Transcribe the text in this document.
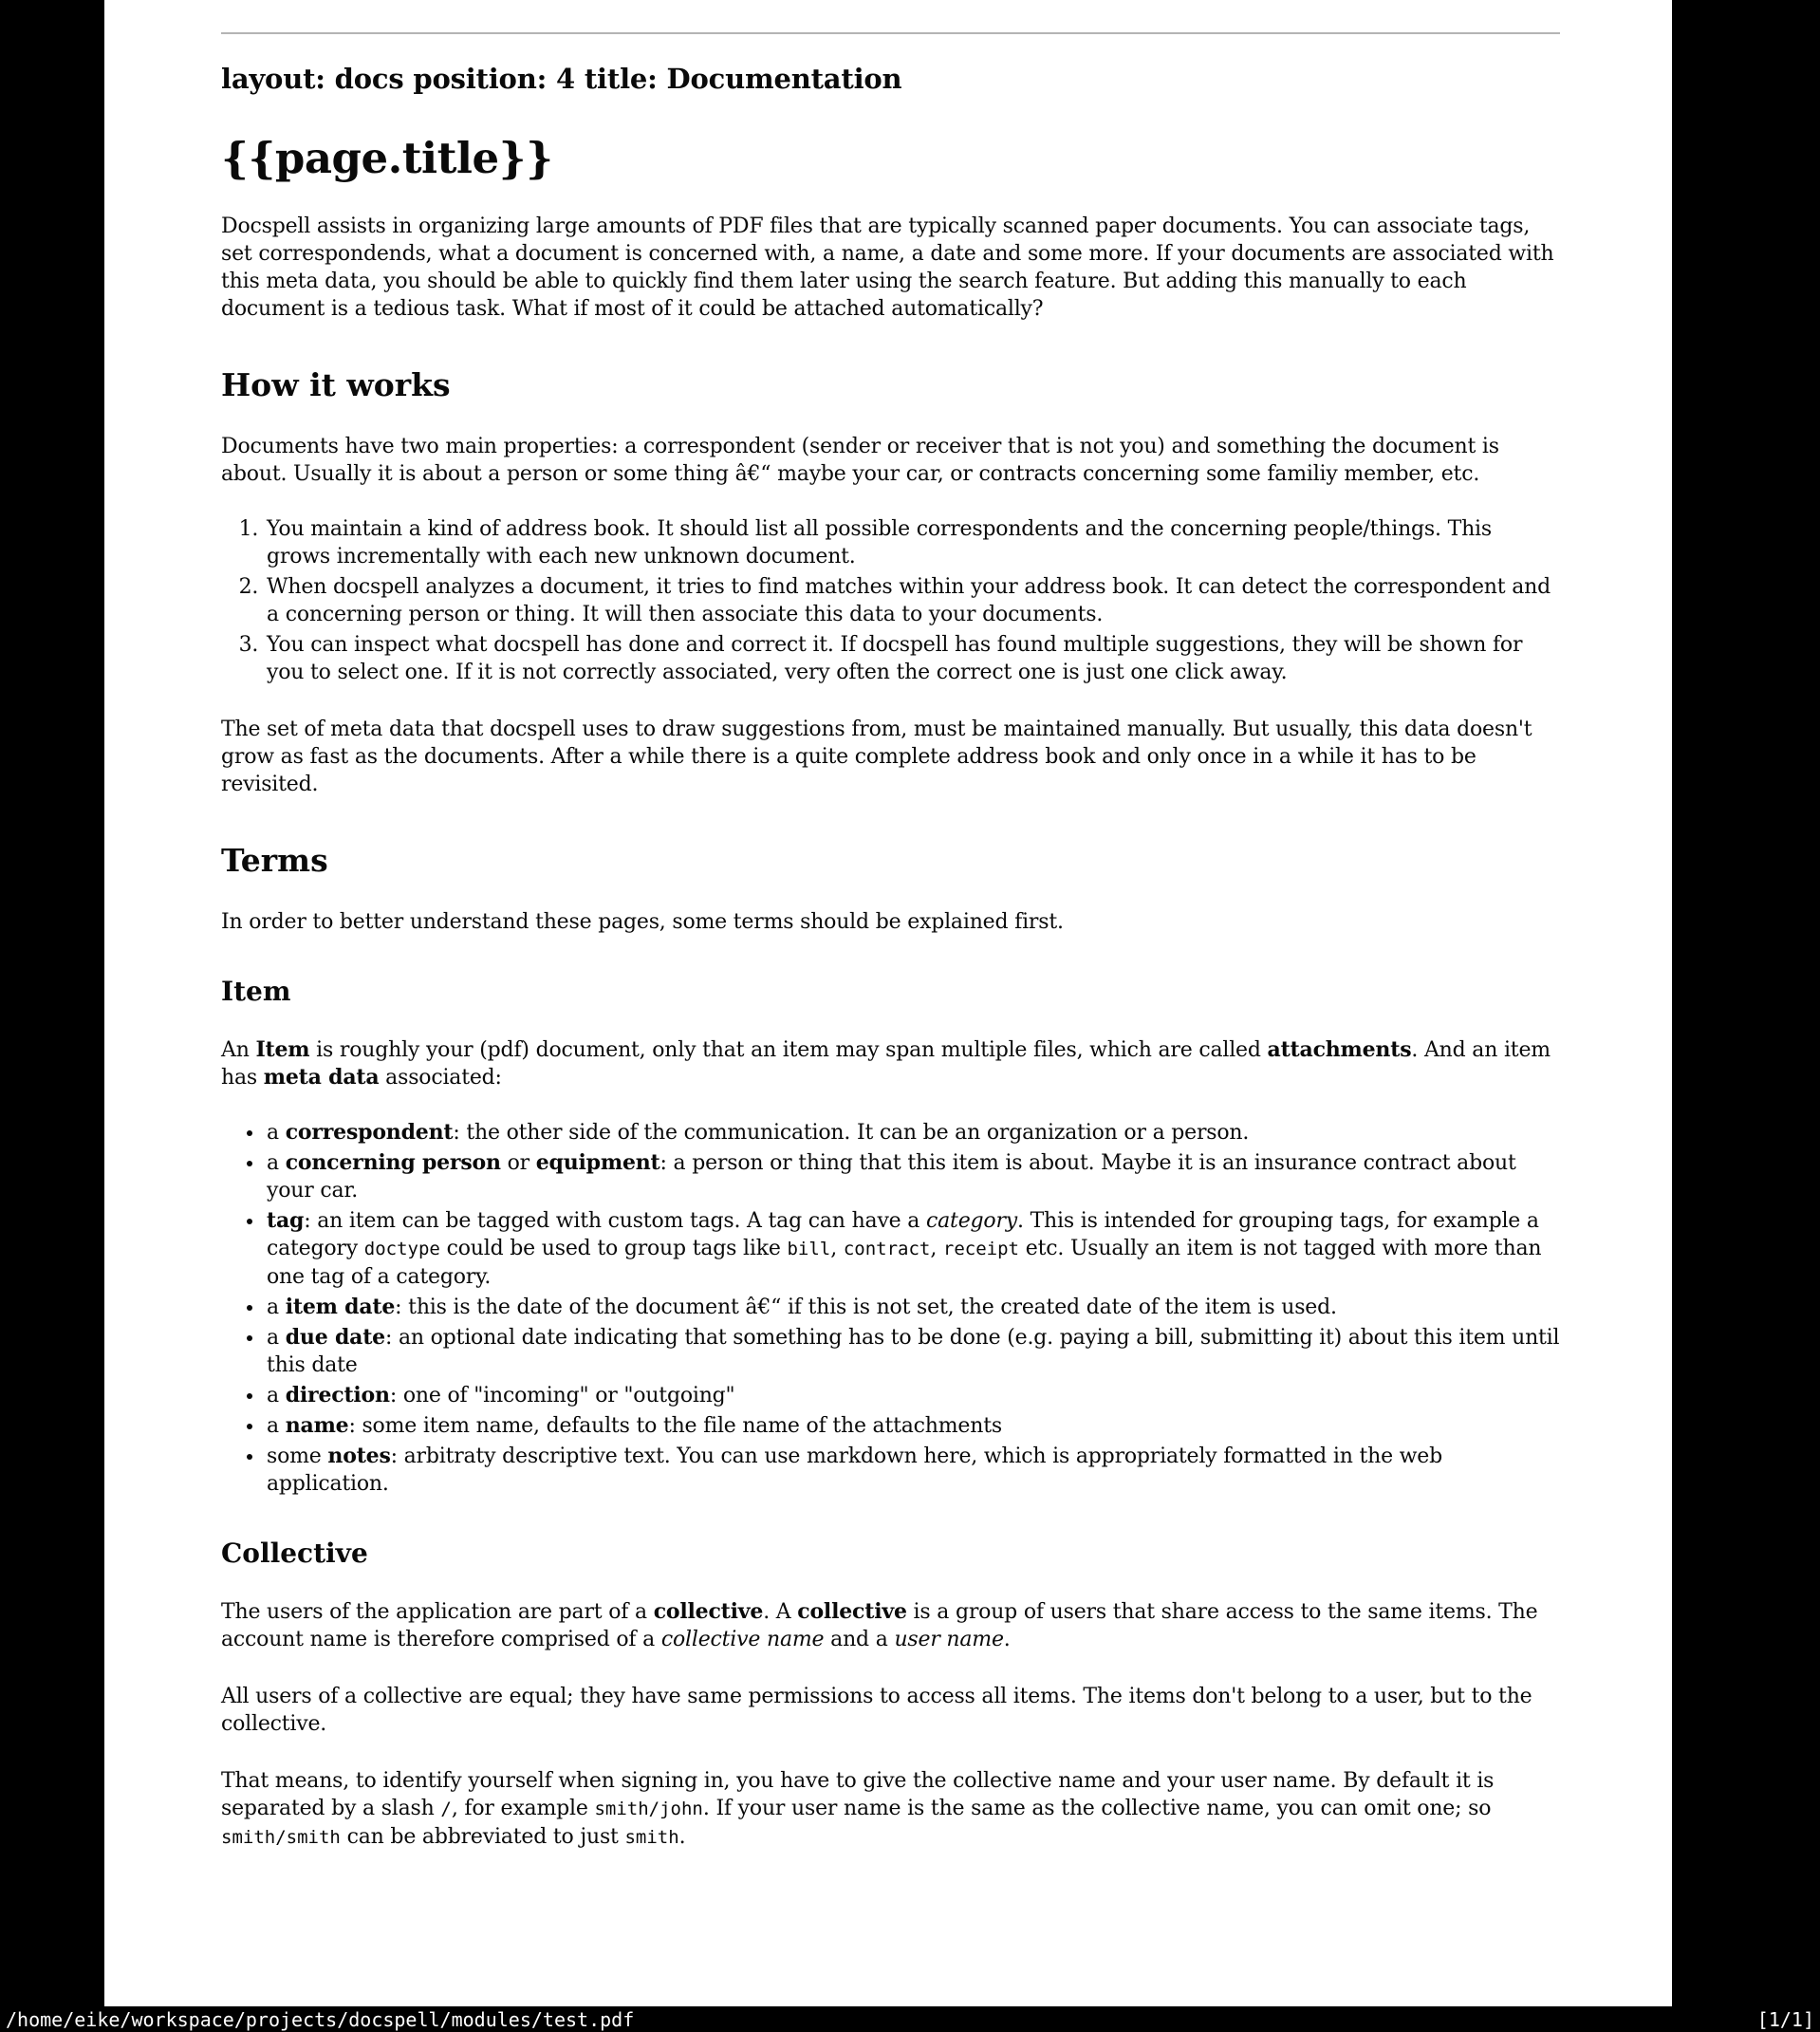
layout: docs position: 4 title: Documentation
{{page.title}}

Docspell assists in organizing large amounts of PDF files that are typically scanned paper documents. You can associate tags, set correspondends, what a document is concerned with, a name, a date and some more. If your documents are associated with this meta data, you should be able to quickly find them later using the search feature. But adding this manually to each document is a tedious task. What if most of it could be attached automatically?

How it works

Documents have two main properties: a correspondent (sender or receiver that is not you) and something the document is about. Usually it is about a person or some thing â€“ maybe your car, or contracts concerning some familiy member, etc.

1. You maintain a kind of address book. It should list all possible correspondents and the concerning people/things. This grows incrementally with each new unknown document.
2. When docspell analyzes a document, it tries to find matches within your address book. It can detect the correspondent and a concerning person or thing. It will then associate this data to your documents.
3. You can inspect what docspell has done and correct it. If docspell has found multiple suggestions, they will be shown for you to select one. If it is not correctly associated, very often the correct one is just one click away.

The set of meta data that docspell uses to draw suggestions from, must be maintained manually. But usually, this data doesn't grow as fast as the documents. After a while there is a quite complete address book and only once in a while it has to be revisited.

Terms

In order to better understand these pages, some terms should be explained first.

Item

An Item is roughly your (pdf) document, only that an item may span multiple files, which are called attachments. And an item has meta data associated:

• a correspondent: the other side of the communication. It can be an organization or a person.
• a concerning person or equipment: a person or thing that this item is about. Maybe it is an insurance contract about your car.
• tag: an item can be tagged with custom tags. A tag can have a category. This is intended for grouping tags, for example a category doctype could be used to group tags like bill, contract, receipt etc. Usually an item is not tagged with more than one tag of a category.
• a item date: this is the date of the document â€“ if this is not set, the created date of the item is used.
• a due date: an optional date indicating that something has to be done (e.g. paying a bill, submitting it) about this item until this date
• a direction: one of "incoming" or "outgoing"
• a name: some item name, defaults to the file name of the attachments
• some notes: arbitraty descriptive text. You can use markdown here, which is appropriately formatted in the web application.
Collective

The users of the application are part of a collective. A collective is a group of users that share access to the same items. The account name is therefore comprised of a collective name and a user name.

All users of a collective are equal; they have same permissions to access all items. The items don't belong to a user, but to the collective.

That means, to identify yourself when signing in, you have to give the collective name and your user name. By default it is separated by a slash /, for example smith/john. If your user name is the same as the collective name, you can omit one; so smith/smith can be abbreviated to just smith.

/home/eike/workspace/projects/docspell/modules/test.pdf	[1/1]
